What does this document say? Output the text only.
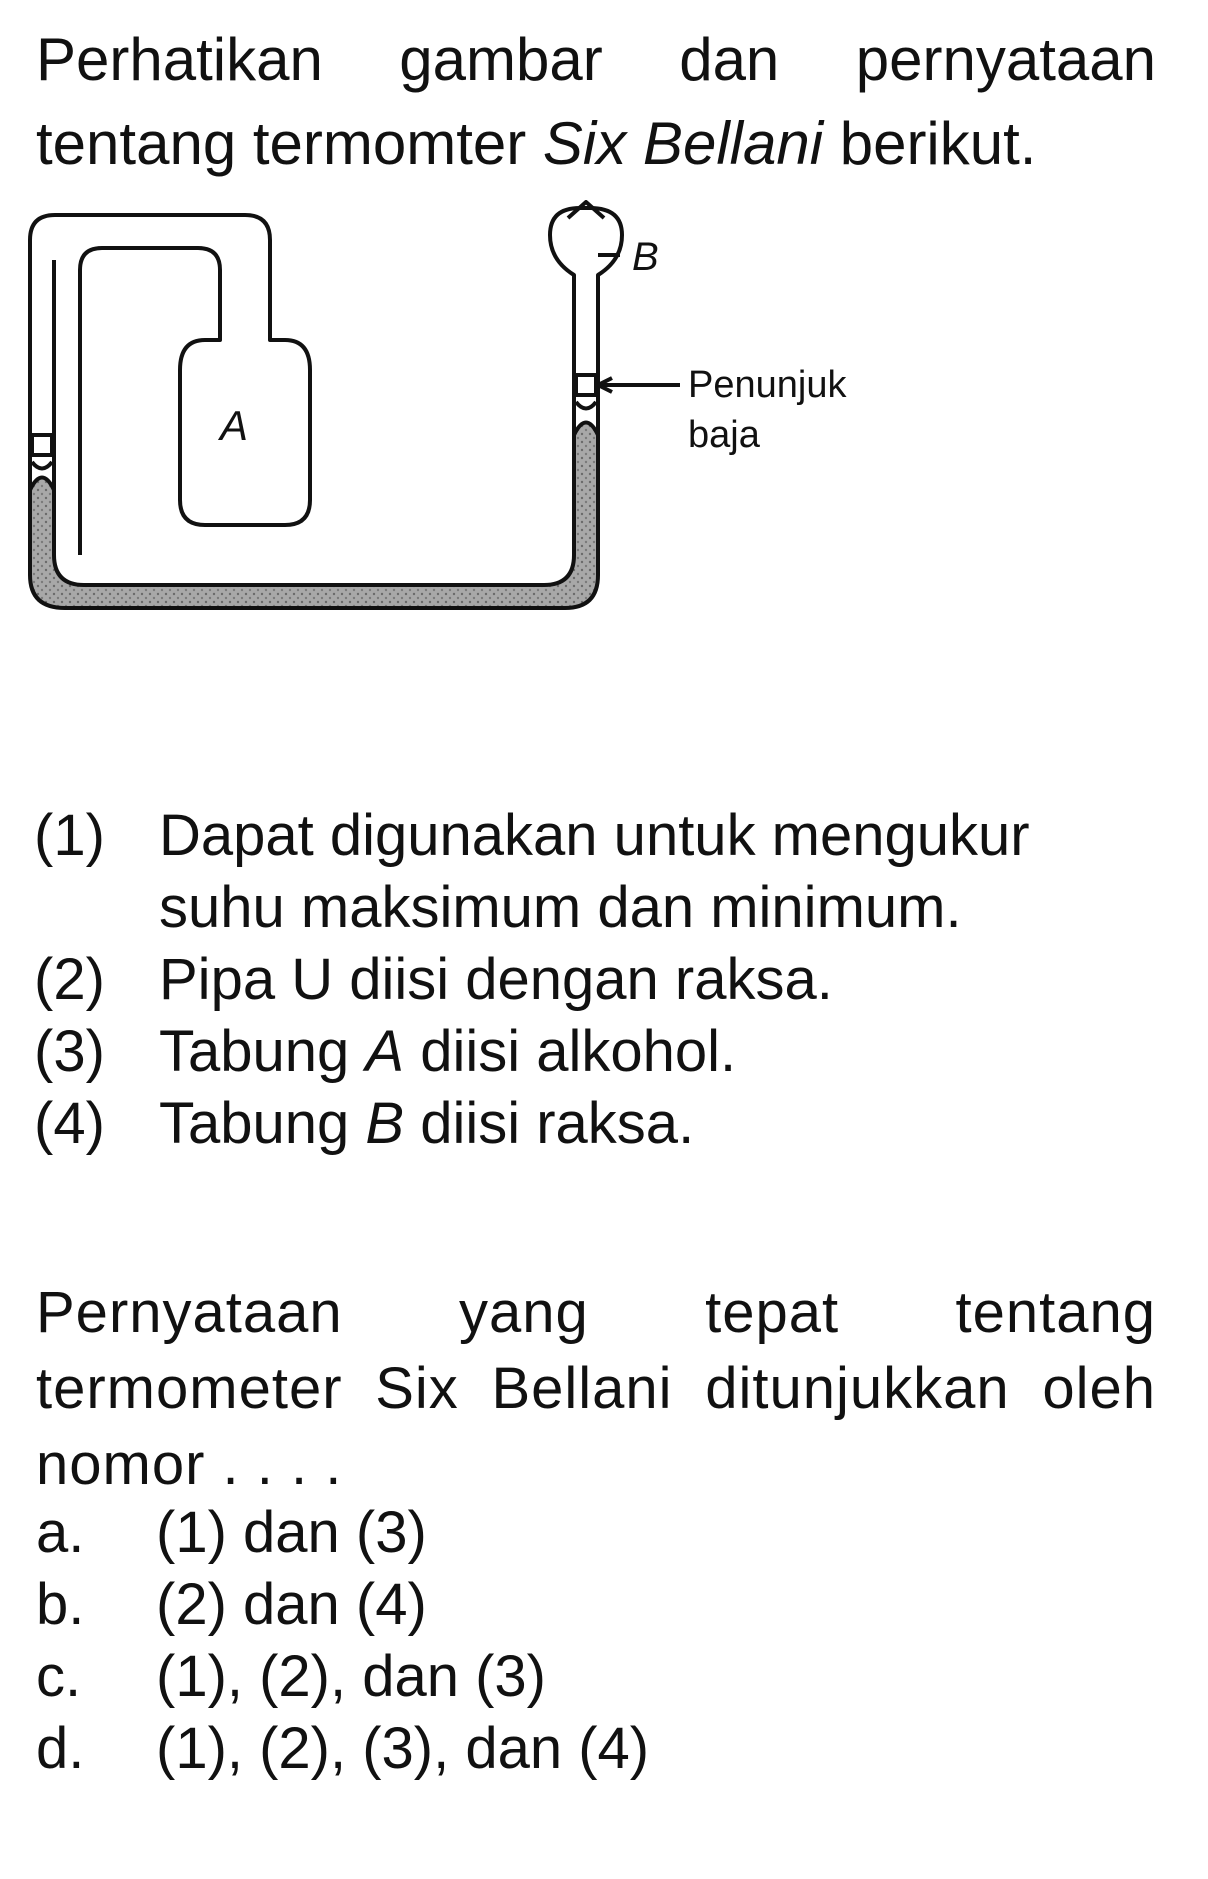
Perhatikan gambar dan pernyataan tentang termomter Six Bellani berikut.
A
B
Penunjuk
baja
(1) Dapat digunakan untuk mengukur suhu maksimum dan minimum.
(2) Pipa U diisi dengan raksa.
(3) Tabung A diisi alkohol.
(4) Tabung B diisi raksa.
Pernyataan yang tepat tentang termometer Six Bellani ditunjukkan oleh nomor . . . .
a.	(1) dan (3)
b.	(2) dan (4)
c.	(1), (2), dan (3)
d.	(1), (2), (3), dan (4)
